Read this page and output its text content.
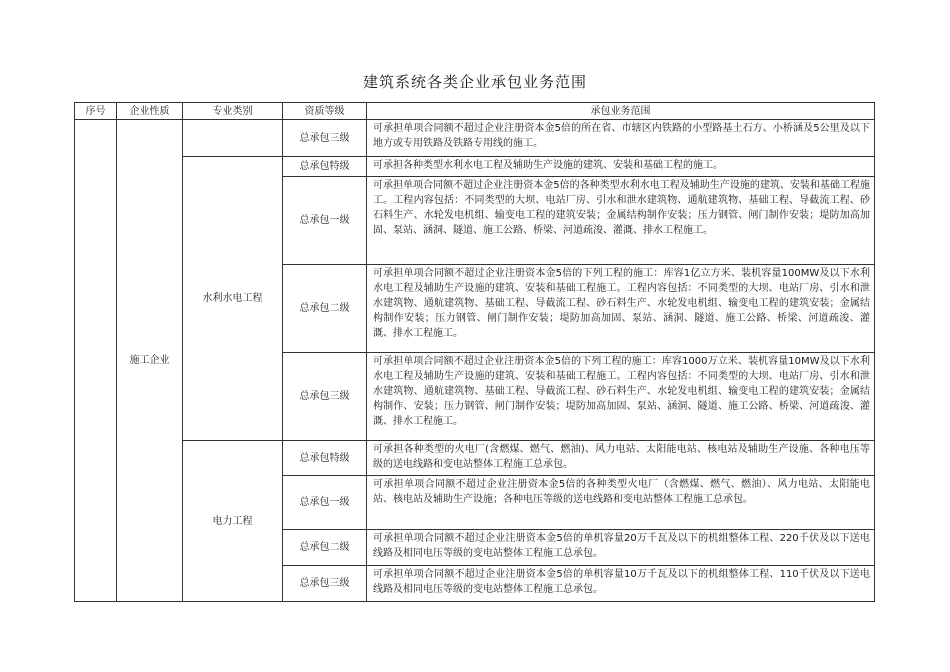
建筑系统各类企业承包业务范围
序号	企业性质	专业类别	资质等级	承包业务范围
	施工企业		总承包三级	可承担单项合同额不超过企业注册资本金5倍的所在省、市辖区内铁路的小型路基土石方、小桥涵及5公里及以下地方或专用铁路及铁路专用线的施工。
		水利水电工程	总承包特级	可承担各种类型水利水电工程及辅助生产设施的建筑、安装和基础工程的施工。
			总承包一级	可承担单项合同额不超过企业注册资本金5倍的各种类型水利水电工程及辅助生产设施的建筑、安装和基础工程施工。工程内容包括：不同类型的大坝、电站厂房、引水和泄水建筑物、通航建筑物、基础工程、导截流工程、砂石料生产、水轮发电机组、输变电工程的建筑安装；金属结构制作安装；压力钢管、闸门制作安装；堤防加高加固、泵站、涵洞、隧道、施工公路、桥梁、河道疏浚、灌溉、排水工程施工。
			总承包二级	可承担单项合同额不超过企业注册资本金5倍的下列工程的施工：库容1亿立方米、装机容量100MW及以下水利水电工程及辅助生产设施的建筑、安装和基础工程施工。工程内容包括：不同类型的大坝、电站厂房、引水和泄水建筑物、通航建筑物、基础工程、导截流工程、砂石料生产、水轮发电机组、输变电工程的建筑安装；金属结构制作安装；压力钢管、闸门制作安装；堤防加高加固、泵站、涵洞、隧道、施工公路、桥梁、河道疏浚、灌溉、排水工程施工。
			总承包三级	可承担单项合同额不超过企业注册资本金5倍的下列工程的施工：库容1000万立米、装机容量10MW及以下水利水电工程及辅助生产设施的建筑、安装和基础工程施工。工程内容包括：不同类型的大坝、电站厂房、引水和泄水建筑物、通航建筑物、基础工程、导截流工程、砂石料生产、水轮发电机组、输变电工程的建筑安装；金属结构制作、安装；压力钢管、闸门制作安装；堤防加高加固、泵站、涵洞、隧道、施工公路、桥梁、河道疏浚、灌溉、排水工程施工。
		电力工程	总承包特级	可承担各种类型的火电厂(含燃煤、燃气、燃油)、风力电站、太阳能电站、核电站及辅助生产设施、各种电压等级的送电线路和变电站整体工程施工总承包。
			总承包一级	可承担单项合同额不超过企业注册资本金5倍的各种类型火电厂（含燃煤、燃气、燃油）、风力电站、太阳能电站、核电站及辅助生产设施；各种电压等级的送电线路和变电站整体工程施工总承包。
			总承包二级	可承担单项合同额不超过企业注册资本金5倍的单机容量20万千瓦及以下的机组整体工程、220千伏及以下送电线路及相同电压等级的变电站整体工程施工总承包。
			总承包三级	可承担单项合同额不超过企业注册资本金5倍的单机容量10万千瓦及以下的机组整体工程、110千伏及以下送电线路及相同电压等级的变电站整体工程施工总承包。
